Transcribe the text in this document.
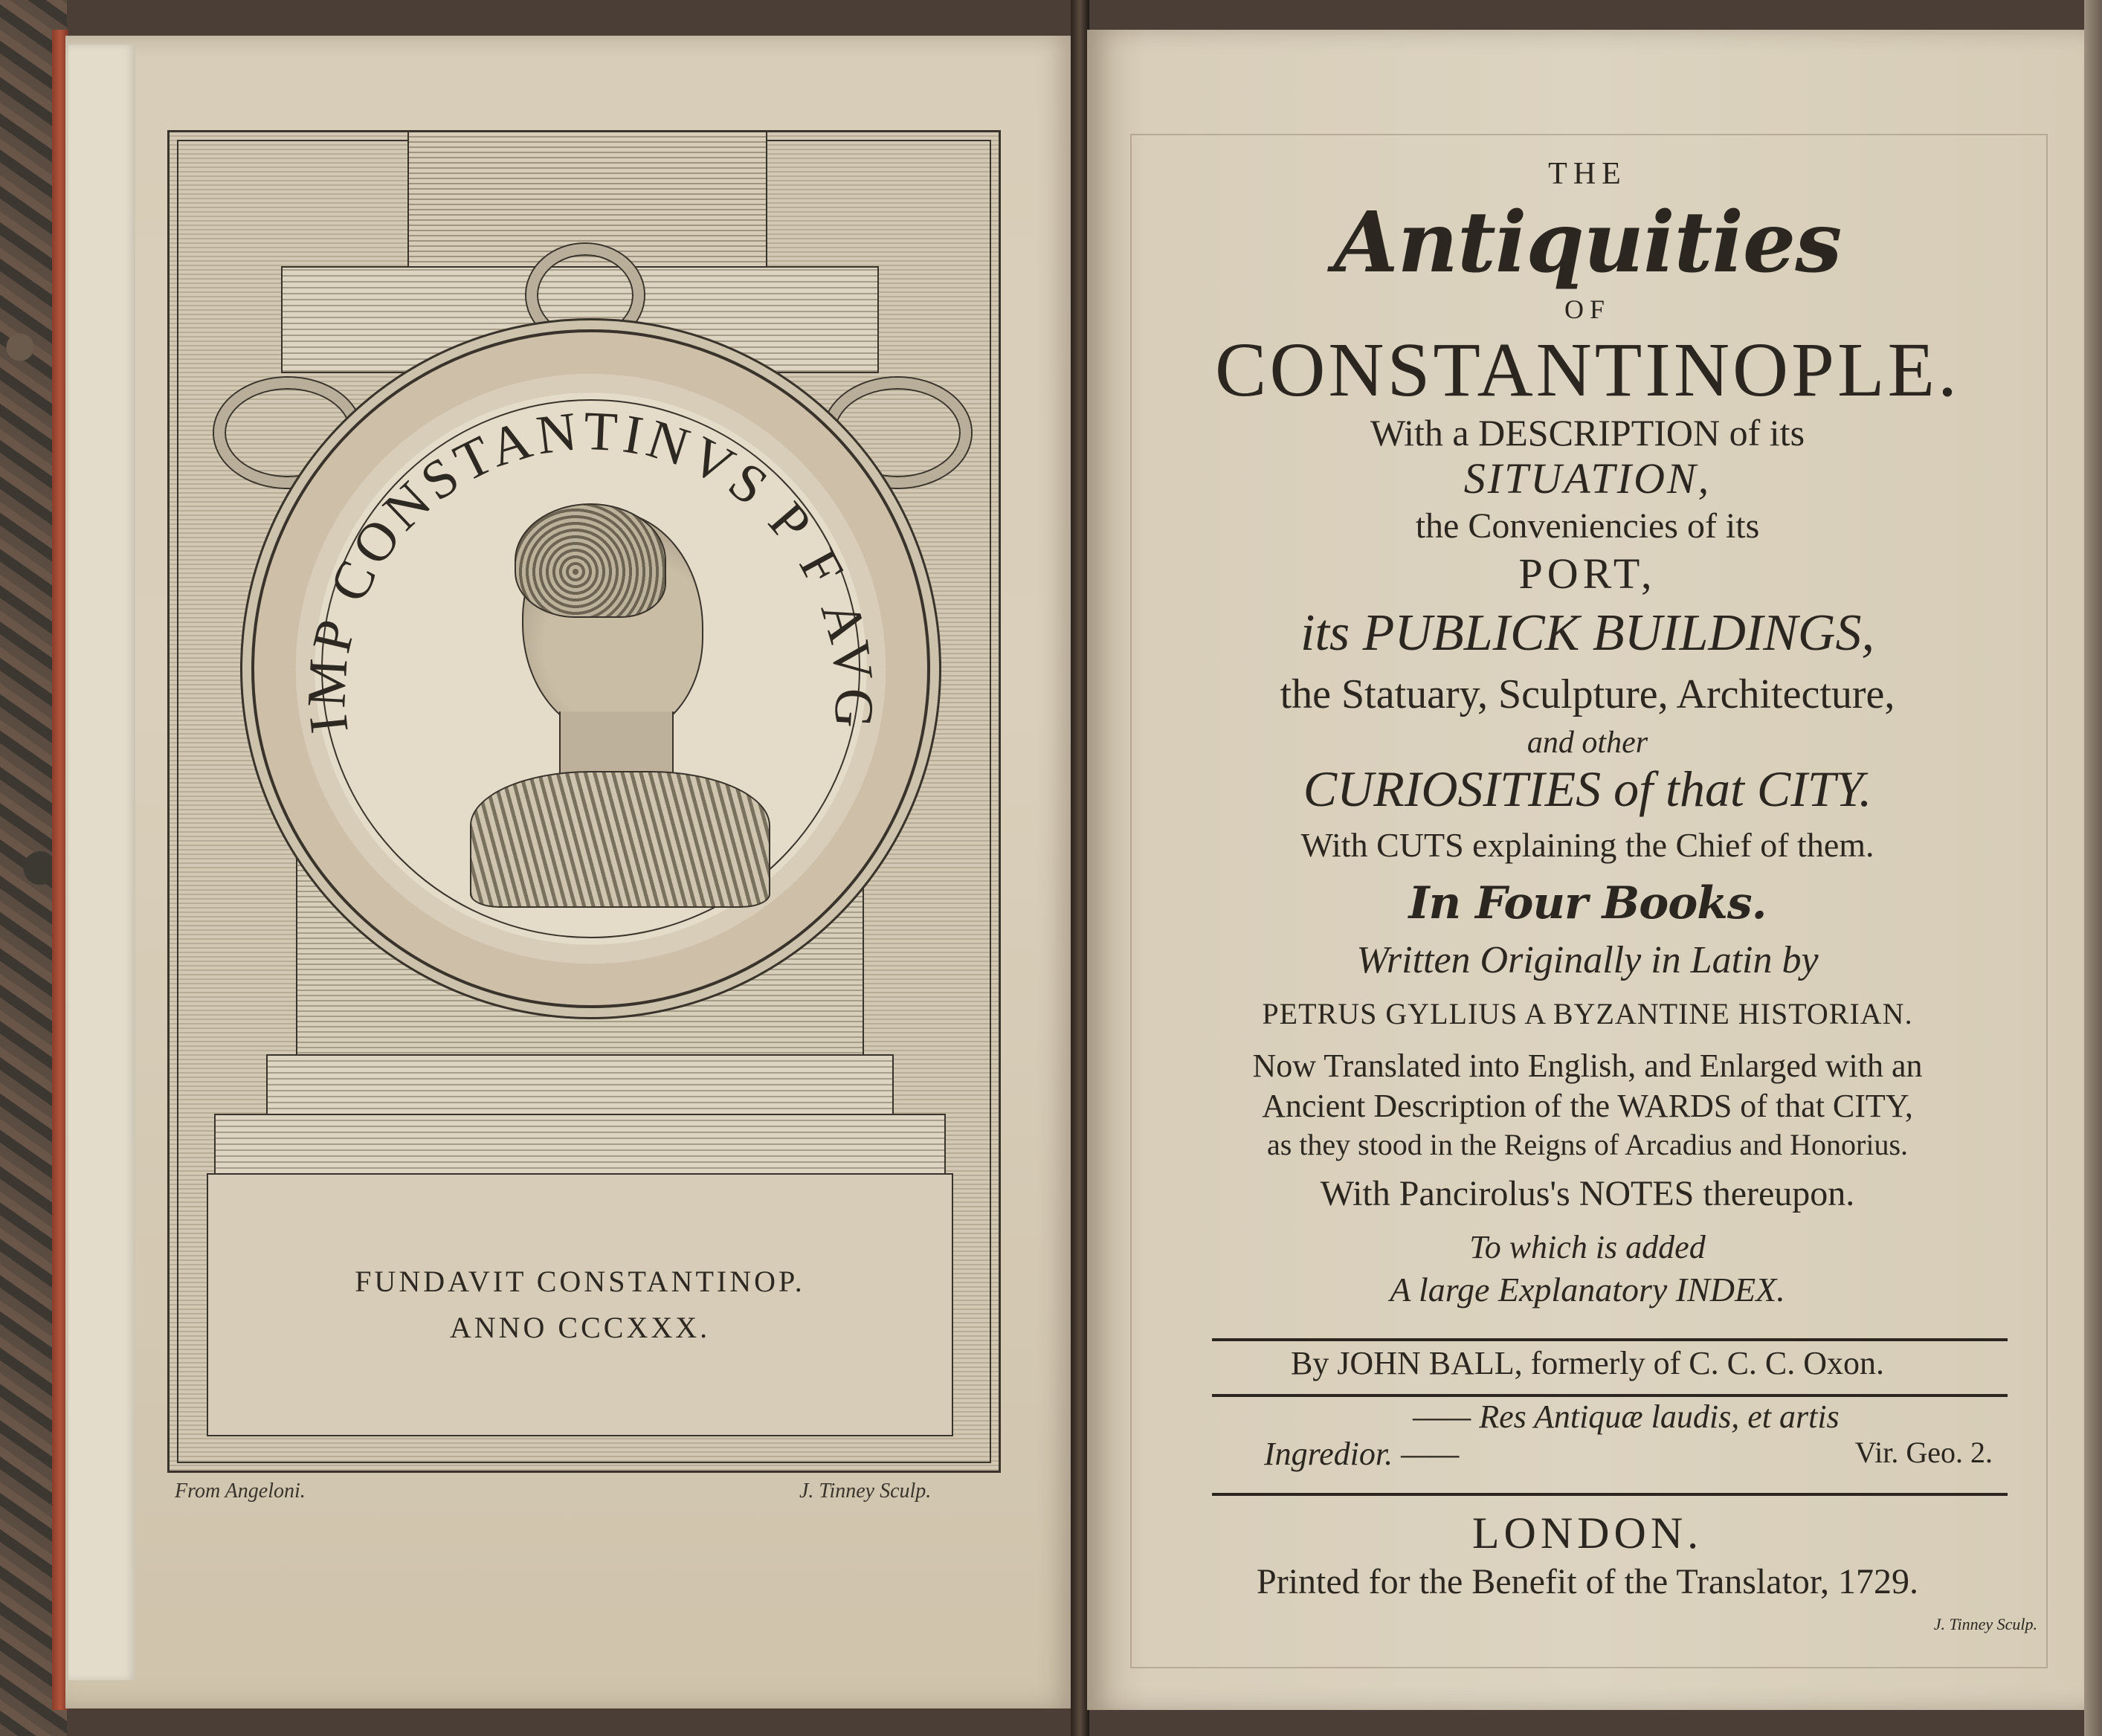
FUNDAVIT CONSTANTINOP.
ANNO CCCXXX.
IMP CONSTANTINVS P F AVG
From Angeloni.	J. Tinney Sculp.
THE
Antiquities
OF
CONSTANTINOPLE.
With a DESCRIPTION of its
SITUATION,
the Conveniencies of its
PORT,
its PUBLICK BUILDINGS,
the Statuary, Sculpture, Architecture,
and other
CURIOSITIES of that CITY.
With CUTS explaining the Chief of them.
In Four Books.
Written Originally in Latin by
PETRUS GYLLIUS A BYZANTINE HISTORIAN.
Now Translated into English, and Enlarged with an
Ancient Description of the WARDS of that CITY,
as they stood in the Reigns of Arcadius and Honorius.
With Pancirolus's NOTES thereupon.
To which is added
A large Explanatory INDEX.
By JOHN BALL, formerly of C. C. C. Oxon.
—— Res Antiquæ laudis, et artis
Ingredior. ——	Vir. Geo. 2.
LONDON.
Printed for the Benefit of the Translator, 1729.
J. Tinney Sculp.
